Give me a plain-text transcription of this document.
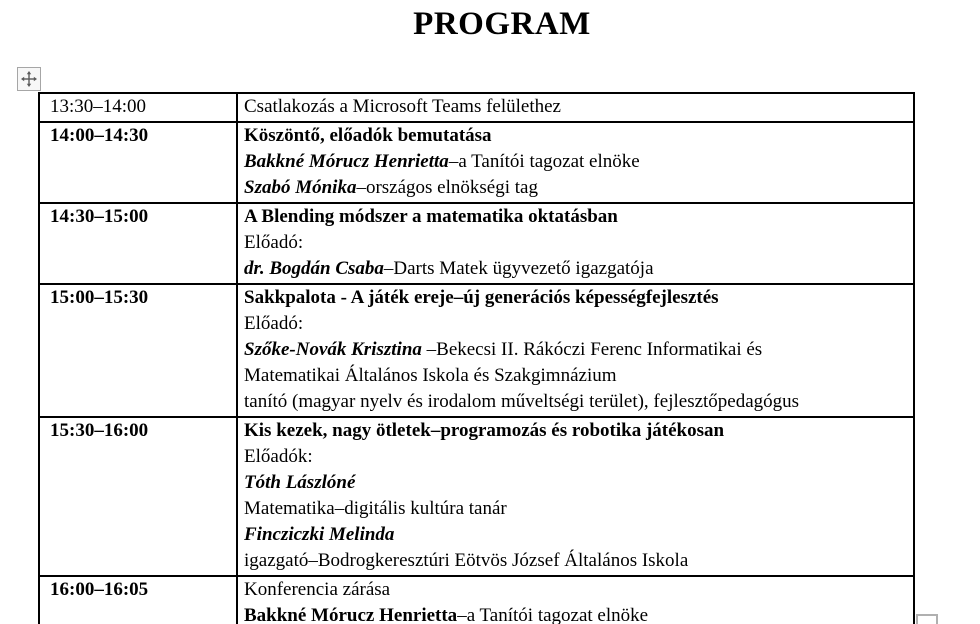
PROGRAM
13:30–14:00	Csatlakozás a Microsoft Teams felülethez

14:00–14:30	Köszöntő, előadók bemutatása
Bakkné Mórucz Henrietta–a Tanítói tagozat elnöke
Szabó Mónika–országos elnökségi tag

14:30–15:00	A Blending módszer a matematika oktatásban
Előadó:
dr. Bogdán Csaba–Darts Matek ügyvezető igazgatója

15:00–15:30	Sakkpalota - A játék ereje–új generációs képességfejlesztés
Előadó:
Szőke-Novák Krisztina –Bekecsi II. Rákóczi Ferenc Informatikai és
Matematikai Általános Iskola és Szakgimnázium
tanító (magyar nyelv és irodalom műveltségi terület), fejlesztőpedagógus

15:30–16:00	Kis kezek, nagy ötletek–programozás és robotika játékosan
Előadók:
Tóth Lászlóné
Matematika–digitális kultúra tanár
Fincziczki Melinda
igazgató–Bodrogkeresztúri Eötvös József Általános Iskola

16:00–16:05	Konferencia zárása
Bakkné Mórucz Henrietta–a Tanítói tagozat elnöke
